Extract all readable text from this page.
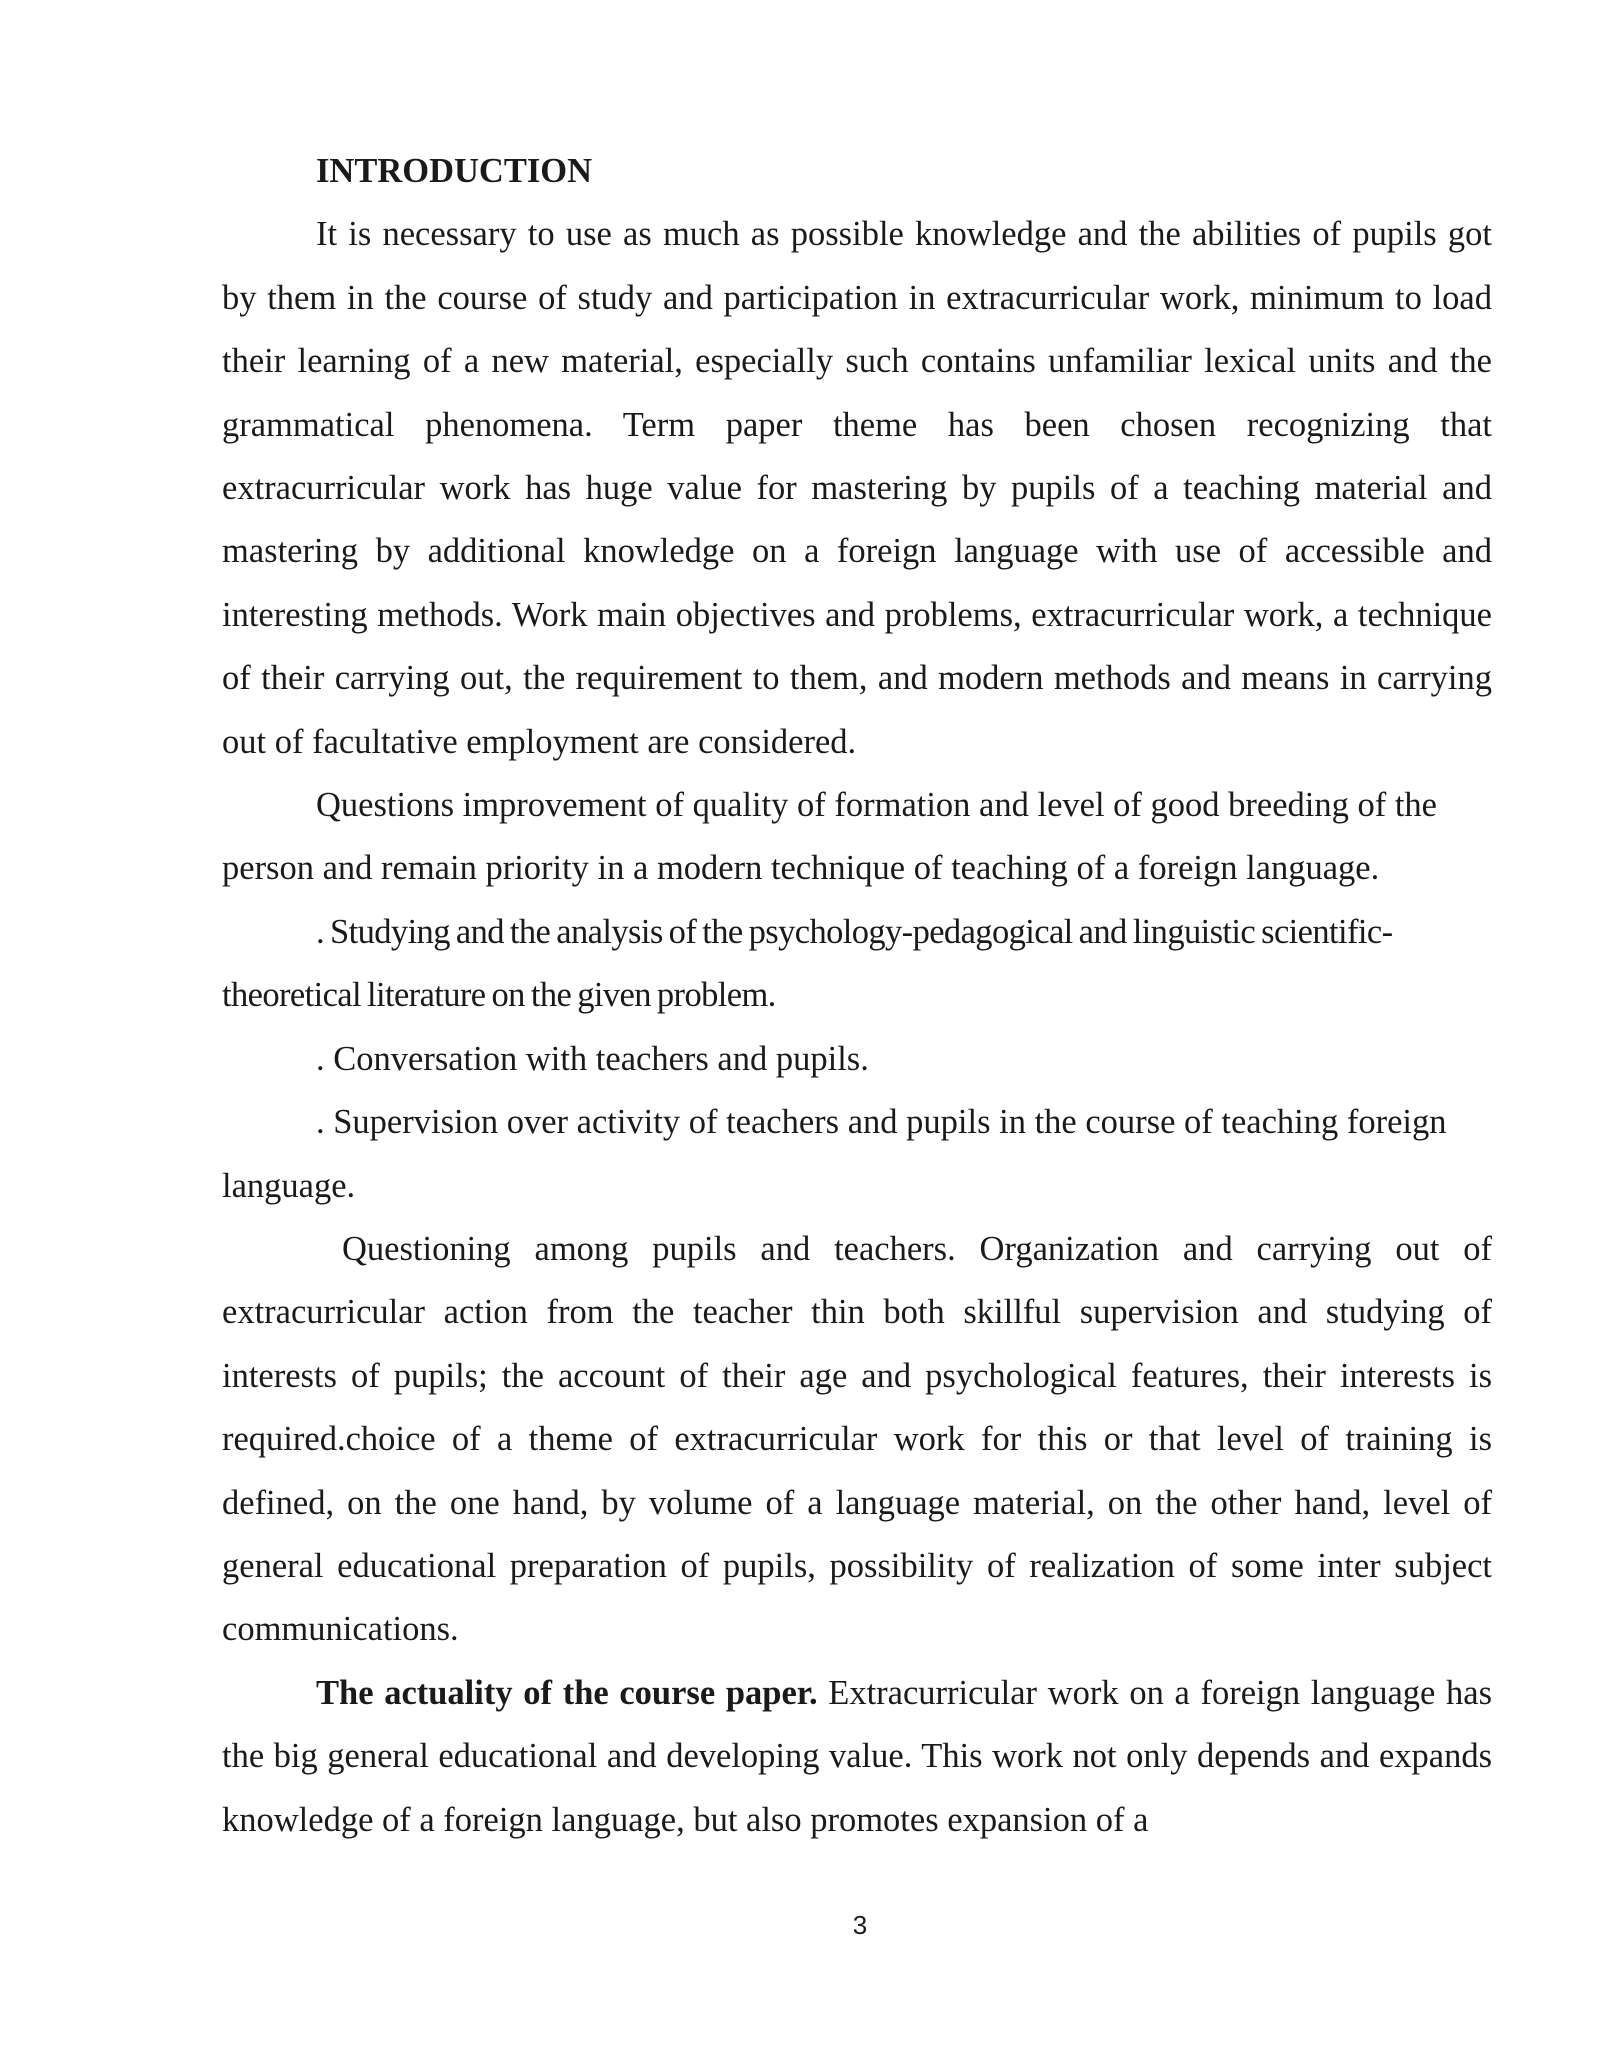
INTRODUCTION

It is necessary to use as much as possible knowledge and the abilities of pupils got by them in the course of study and participation in extracurricular work, minimum to load their learning of a new material, especially such contains unfamiliar lexical units and the grammatical phenomena. Term paper theme has been chosen recognizing that extracurricular work has huge value for mastering by pupils of a teaching material and mastering by additional knowledge on a foreign language with use of accessible and interesting methods. Work main objectives and problems, extracurricular work, a technique of their carrying out, the requirement to them, and modern methods and means in carrying out of facultative employment are considered.

Questions improvement of quality of formation and level of good breeding of the person and remain priority in a modern technique of teaching of a foreign language.

. Studying and the analysis of the psychology-pedagogical and linguistic scientific-theoretical literature on the given problem.

. Conversation with teachers and pupils.

. Supervision over activity of teachers and pupils in the course of teaching foreign language.

Questioning among pupils and teachers. Organization and carrying out of extracurricular action from the teacher thin both skillful supervision and studying of interests of pupils; the account of their age and psychological features, their interests is required.choice of a theme of extracurricular work for this or that level of training is defined, on the one hand, by volume of a language material, on the other hand, level of general educational preparation of pupils, possibility of realization of some inter subject communications.

The actuality of the course paper. Extracurricular work on a foreign language has the big general educational and developing value. This work not only depends and expands knowledge of a foreign language, but also promotes expansion of a

3
